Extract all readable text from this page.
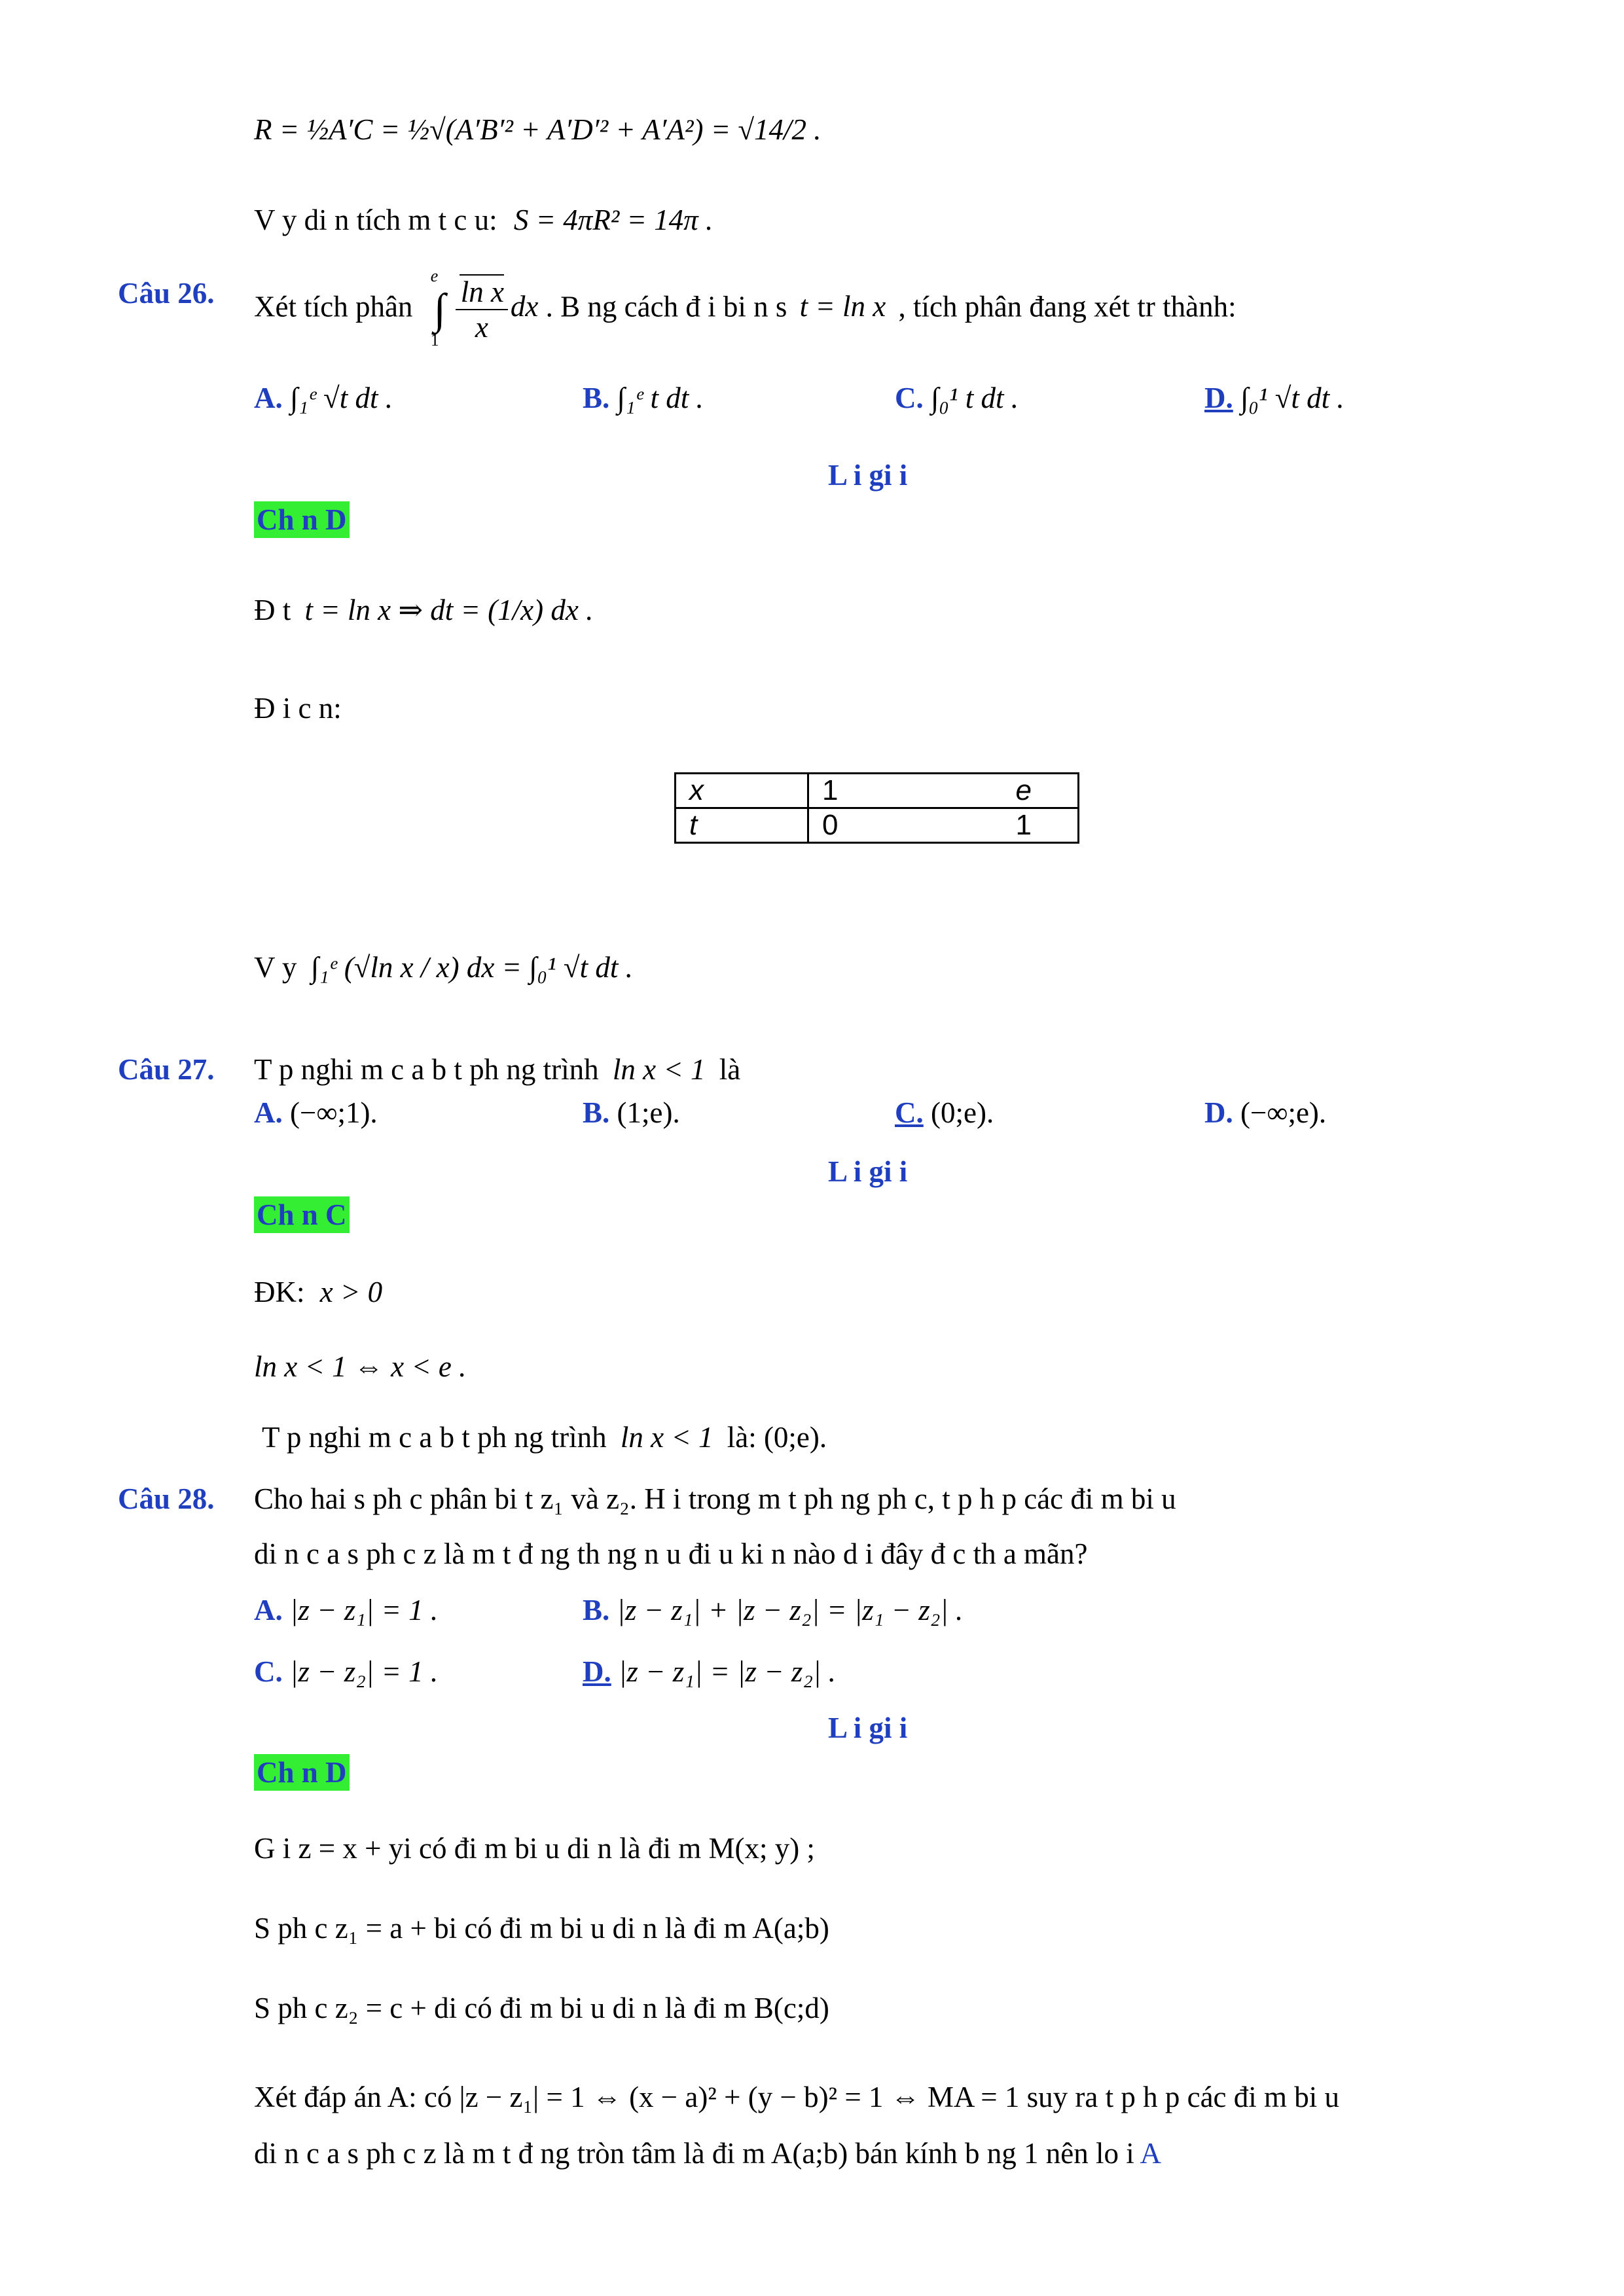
R = ½A′C = ½√(A′B′² + A′D′² + A′A²) = √14/2 .
V y di n tích m t c u: S = 4πR² = 14π .
Câu 26. Xét tích phân ∫
e
$1 \frac{\text{ln x}}{x}$ dx . B ng cách đ i bi n s t = ln x , tích phân đang xét tr thành:
A. ∫₁ᵉ √t dt .	B. ∫₁ᵉ t dt .	C. ∫₀¹ t dt .	D. ∫₀¹ √t dt .
L i gi i
Ch n D
Đ t t = ln x ⇒ dt = (1/x) dx .
Đ i c n:
x	1 e

t	0 1
V y ∫₁ᵉ (√ln x / x) dx = ∫₀¹ √t dt .
Câu 27. T p nghi m c a b t ph ng trình ln x < 1 là
A. (−∞;1).	B. (1;e).	C. (0;e).	D. (−∞;e).
L i gi i
Ch n C
ĐK: x > 0
ln x < 1 ⇔ x < e .
T p nghi m c a b t ph ng trình ln x < 1 là: (0;e).
Câu 28. Cho hai s ph c phân bi t z₁ và z₂. H i trong m t ph ng ph c, t p h p các đi m bi u
di n c a s ph c z là m t đ ng th ng n u đi u ki n nào d i đây đ c th a mãn?
A. |z − z₁| = 1 .	B. |z − z₁| + |z − z₂| = |z₁ − z₂| .
C. |z − z₂| = 1 .	D. |z − z₁| = |z − z₂| .
L i gi i
Ch n D
G i z = x + yi có đi m bi u di n là đi m M(x; y) ;
S ph c z₁ = a + bi có đi m bi u di n là đi m A(a;b)
S ph c z₂ = c + di có đi m bi u di n là đi m B(c;d)
Xét đáp án A: có |z − z₁| = 1 ⇔ (x − a)² + (y − b)² = 1 ⇔ MA = 1 suy ra t p h p các đi m bi u
di n c a s ph c z là m t đ ng tròn tâm là đi m A(a;b) bán kính b ng 1 nên lo i A
